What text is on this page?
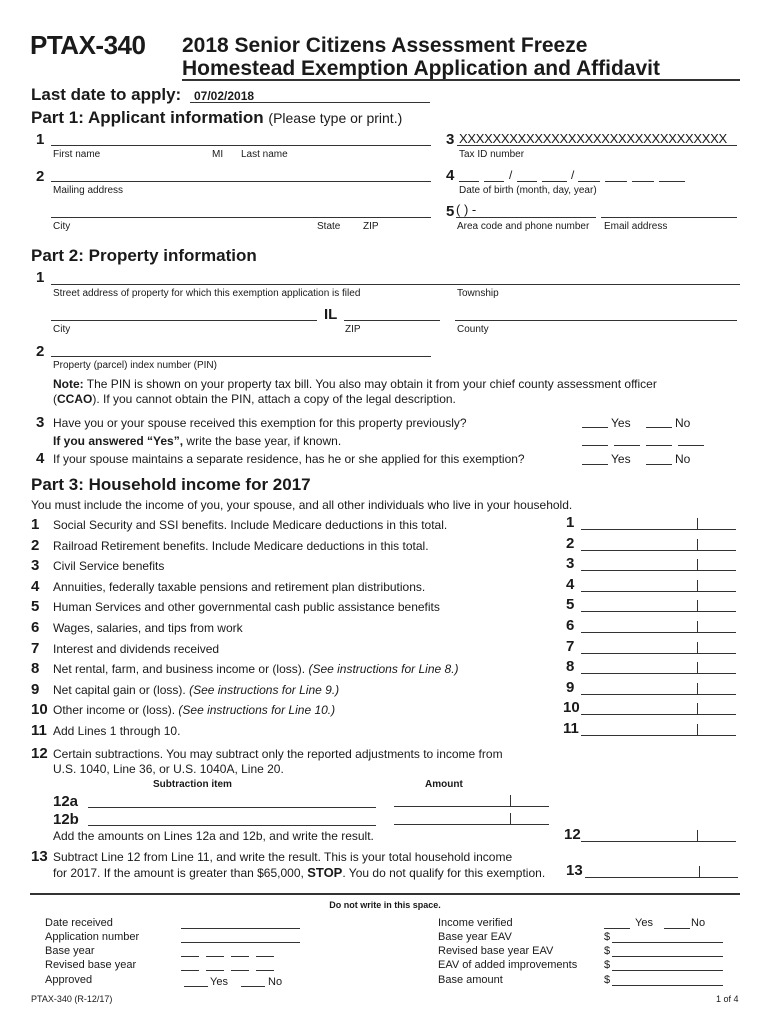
PTAX-340 2018 Senior Citizens Assessment Freeze
Homestead Exemption Application and Affidavit
Last date to apply: 07/02/2018
Part 1: Applicant information (Please type or print.)
1
First name	MI Last name
3 XXXXXXXXXXXXXXXXXXXXXXXXXXXXXXXX
Tax ID number
2
Mailing address
4	/	/
Date of birth (month, day, year)
City	State ZIP
5 ( ) -
Area code and phone number Email address
Part 2: Property information
1
Street address of property for which this exemption application is filed	Township
IL
City	ZIP	County
2
Property (parcel) index number (PIN)
Note: The PIN is shown on your property tax bill. You also may obtain it from your chief county assessment officer
(CCAO). If you cannot obtain the PIN, attach a copy of the legal description.
3 Have you or your spouse received this exemption for this property previously?	Yes	No
If you answered “Yes”, write the base year, if known.
4 If your spouse maintains a separate residence, has he or she applied for this exemption?	Yes	No
Part 3: Household income for 2017
You must include the income of you, your spouse, and all other individuals who live in your household.
1 Social Security and SSI benefits. Include Medicare deductions in this total.	1
2 Railroad Retirement benefits. Include Medicare deductions in this total.	2
3 Civil Service benefits	3
4 Annuities, federally taxable pensions and retirement plan distributions.	4
5 Human Services and other governmental cash public assistance benefits	5
6 Wages, salaries, and tips from work	6
7 Interest and dividends received	7
8 Net rental, farm, and business income or (loss). (See instructions for Line 8.)	8
9 Net capital gain or (loss). (See instructions for Line 9.)	9
10 Other income or (loss). (See instructions for Line 10.)	10
11 Add Lines 1 through 10.	11
12 Certain subtractions. You may subtract only the reported adjustments to income from
U.S. 1040, Line 36, or U.S. 1040A, Line 20.
Subtraction item	Amount
12a
12b
Add the amounts on Lines 12a and 12b, and write the result.	12
13 Subtract Line 12 from Line 11, and write the result. This is your total household income
for 2017. If the amount is greater than $65,000, STOP. You do not qualify for this exemption. 13
Do not write in this space.
Date received
Application number
Base year
Revised base year
Approved	Yes	No
Income verified	Yes	No
Base year EAV	$
Revised base year EAV	$
EAV of added improvements $
Base amount	$
PTAX-340 (R-12/17)	1 of 4
